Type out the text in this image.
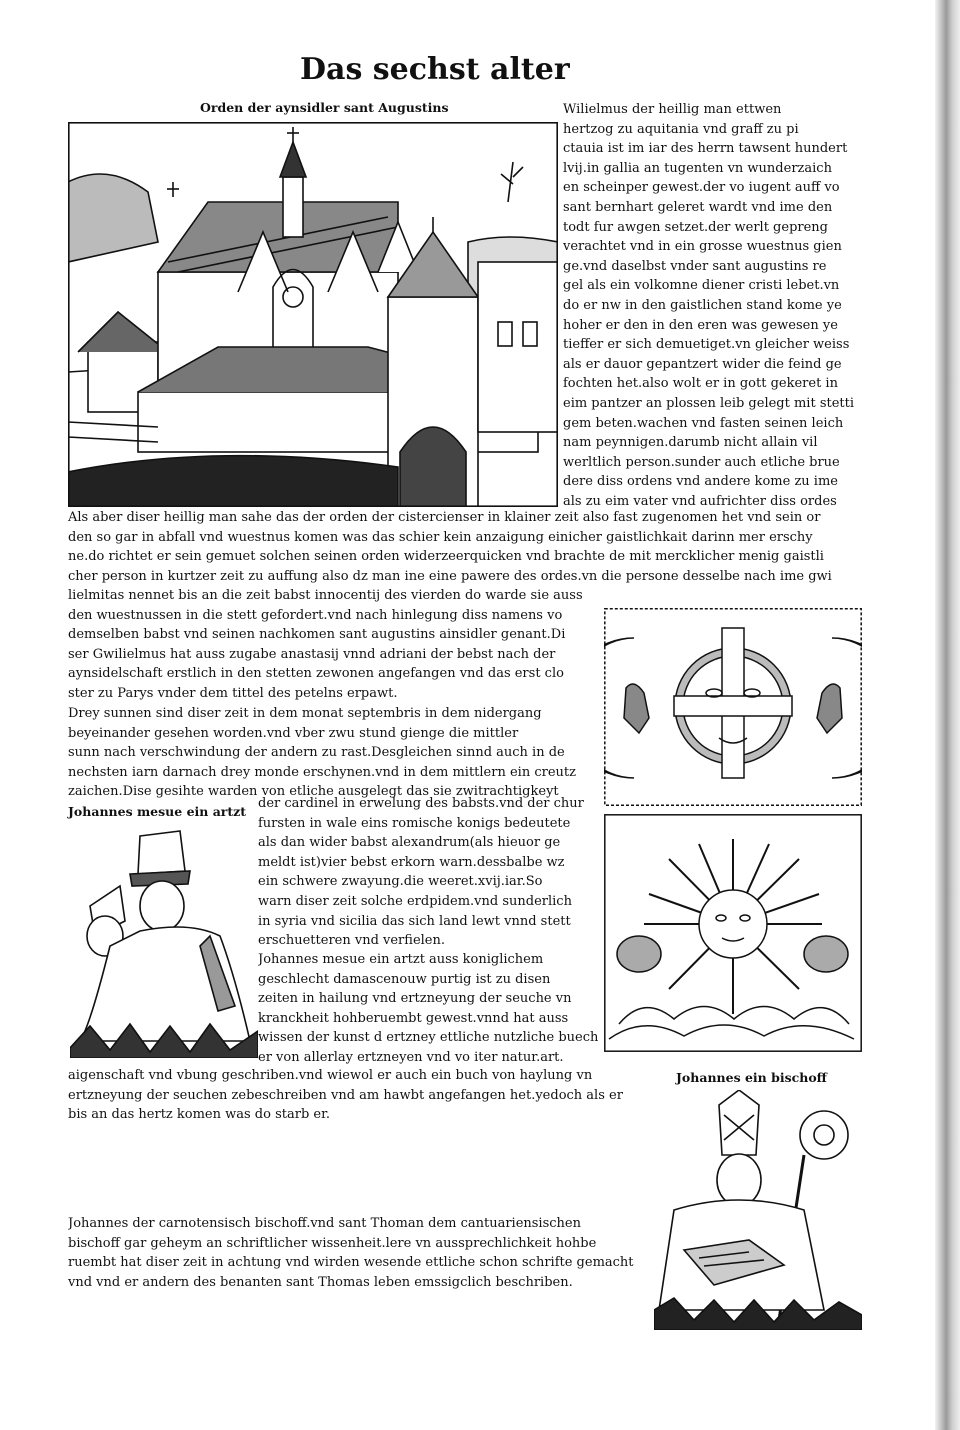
Das sechst alter
Orden der aynsidler sant Augustins	Wilielmus der heillig man ettwen
hertzog zu aquitania vnd graff zu pi
ctauia ist im iar des herrn tawsent hundert
lvij.in gallia an tugenten vn wunderzaich
en scheinper gewest.der vo iugent auff vo
sant bernhart geleret wardt vnd ime den
todt fur awgen setzet.der werlt gepreng
verachtet vnd in ein grosse wuestnus gien
ge.vnd daselbst vnder sant augustins re
gel als ein volkomne diener cristi lebet.vn
do er nw in den gaistlichen stand kome ye
hoher er den in den eren was gewesen ye
tieffer er sich demuetiget.vn gleicher weiss
als er dauor gepantzert wider die feind ge
fochten het.also wolt er in gott gekeret in
eim pantzer an plossen leib gelegt mit stetti
gem beten.wachen vnd fasten seinen leich
nam peynnigen.darumb nicht allain vil
werltlich person.sunder auch etliche brue
dere diss ordens vnd andere kome zu ime
als zu eim vater vnd aufrichter diss ordes
Als aber diser heillig man sahe das der orden der cistercienser in klainer zeit also fast zugenomen het vnd sein or
den so gar in abfall vnd wuestnus komen was das schier kein anzaigung einicher gaistlichkait darinn mer erschy
ne.do richtet er sein gemuet solchen seinen orden widerzeerquicken vnd brachte de mit mercklicher menig gaistli
cher person in kurtzer zeit zu auffung also dz man ine eine pawere des ordes.vn die persone desselbe nach ime gwi
lielmitas nennet bis an die zeit babst innocentij des vierden do warde sie auss
den wuestnussen in die stett gefordert.vnd nach hinlegung diss namens vo
demselben babst vnd seinen nachkomen sant augustins ainsidler genant.Di
ser Gwilielmus hat auss zugabe anastasij vnnd adriani der bebst nach der
aynsidelschaft erstlich in den stetten zewonen angefangen vnd das erst clo
ster zu Parys vnder dem tittel des petelns erpawt.
Drey sunnen sind diser zeit in dem monat septembris in dem nidergang
beyeinander gesehen worden.vnd vber zwu stund gienge die mittler
sunn nach verschwindung der andern zu rast.Desgleichen sinnd auch in de
nechsten iarn darnach drey monde erschynen.vnd in dem mittlern ein creutz
zaichen.Dise gesihte warden von etliche ausgelegt das sie zwitrachtigkeyt
Johannes mesue ein artzt
der cardinel in erwelung des babsts.vnd der chur
fursten in wale eins romische konigs bedeutete
als dan wider babst alexandrum(als hieuor ge
meldt ist)vier bebst erkorn warn.dessbalbe wz
ein schwere zwayung.die weeret.xvij.iar.So
warn diser zeit solche erdpidem.vnd sunderlich
in syria vnd sicilia das sich land lewt vnnd stett
erschuetteren vnd verfielen.
Johannes mesue ein artzt auss koniglichem
geschlecht damascenouw purtig ist zu disen
zeiten in hailung vnd ertzneyung der seuche vn
kranckheit hohberuembt gewest.vnnd hat auss
wissen der kunst d ertzney ettliche nutzliche buech
er von allerlay ertzneyen vnd vo iter natur.art.
aigenschaft vnd vbung geschriben.vnd wiewol er auch ein buch von haylung vn
ertzneyung der seuchen zebeschreiben vnd am hawbt angefangen het.yedoch als er
bis an das hertz komen was do starb er.
Johannes ein bischoff
Johannes der carnotensisch bischoff.vnd sant Thoman dem cantuariensischen
bischoff gar geheym an schriftlicher wissenheit.lere vn aussprechlichkeit hohbe
ruembt hat diser zeit in achtung vnd wirden wesende ettliche schon schrifte gemacht
vnd vnd er andern des benanten sant Thomas leben emssigclich beschriben.
